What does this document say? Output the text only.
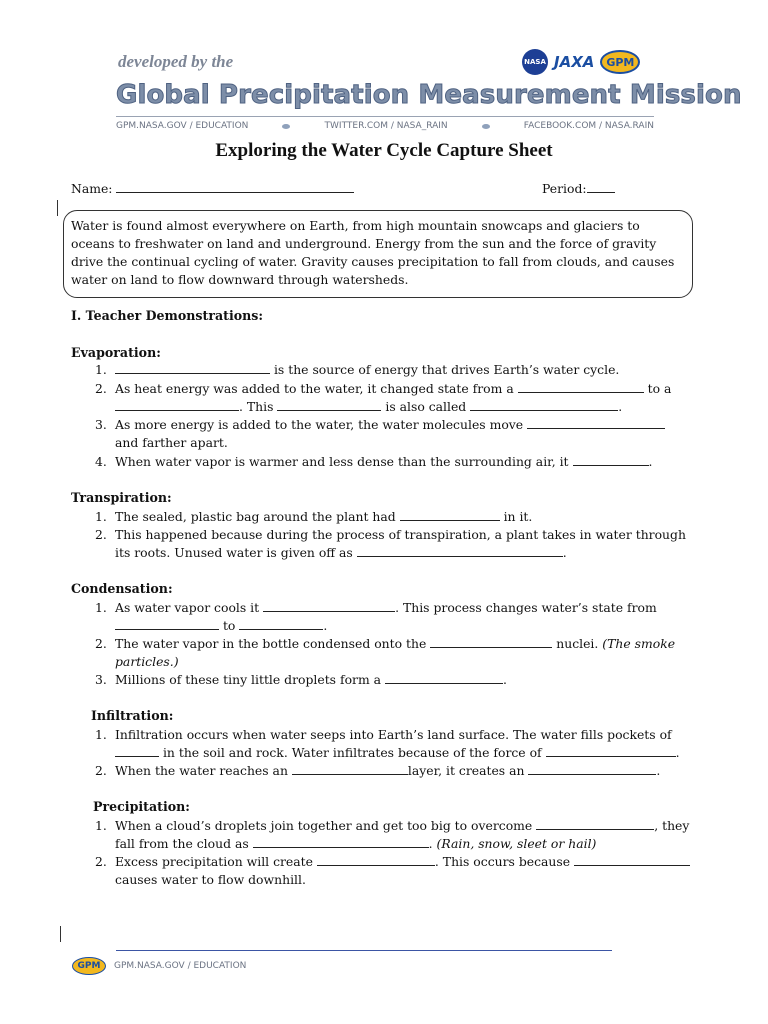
developed by the	NASA JAXA	GPM
Global Precipitation Measurement Mission
GPM.NASA.GOV / EDUCATION	TWITTER.COM / NASA_RAIN	FACEBOOK.COM / NASA.RAIN
Exploring the Water Cycle Capture Sheet
Name:	Period:
Water is found almost everywhere on Earth, from high mountain snowcaps and glaciers to
oceans to freshwater on land and underground. Energy from the sun and the force of gravity
drive the continual cycling of water. Gravity causes precipitation to fall from clouds, and causes
water on land to flow downward through watersheds.
I. Teacher Demonstrations:
Evaporation:
1.	is the source of energy that drives Earth’s water cycle.
2. As heat energy was added to the water, it changed state from a	to a
. This	is also called	.
3. As more energy is added to the water, the water molecules move
and farther apart.
4. When water vapor is warmer and less dense than the surrounding air, it	.
Transpiration:
1. The sealed, plastic bag around the plant had	in it.
2. This happened because during the process of transpiration, a plant takes in water through
its roots. Unused water is given off as	.
Condensation:
1. As water vapor cools it	. This process changes water’s state from
to	.
2. The water vapor in the bottle condensed onto the	nuclei. (The smoke
particles.)
3. Millions of these tiny little droplets form a	.
Infiltration:
1. Infiltration occurs when water seeps into Earth’s land surface. The water fills pockets of
in the soil and rock. Water infiltrates because of the force of	.
2. When the water reaches an	layer, it creates an	.
Precipitation:
1. When a cloud’s droplets join together and get too big to overcome	, they
fall from the cloud as	. (Rain, snow, sleet or hail)
2. Excess precipitation will create	. This occurs because
causes water to flow downhill.
GPM	GPM.NASA.GOV / EDUCATION
